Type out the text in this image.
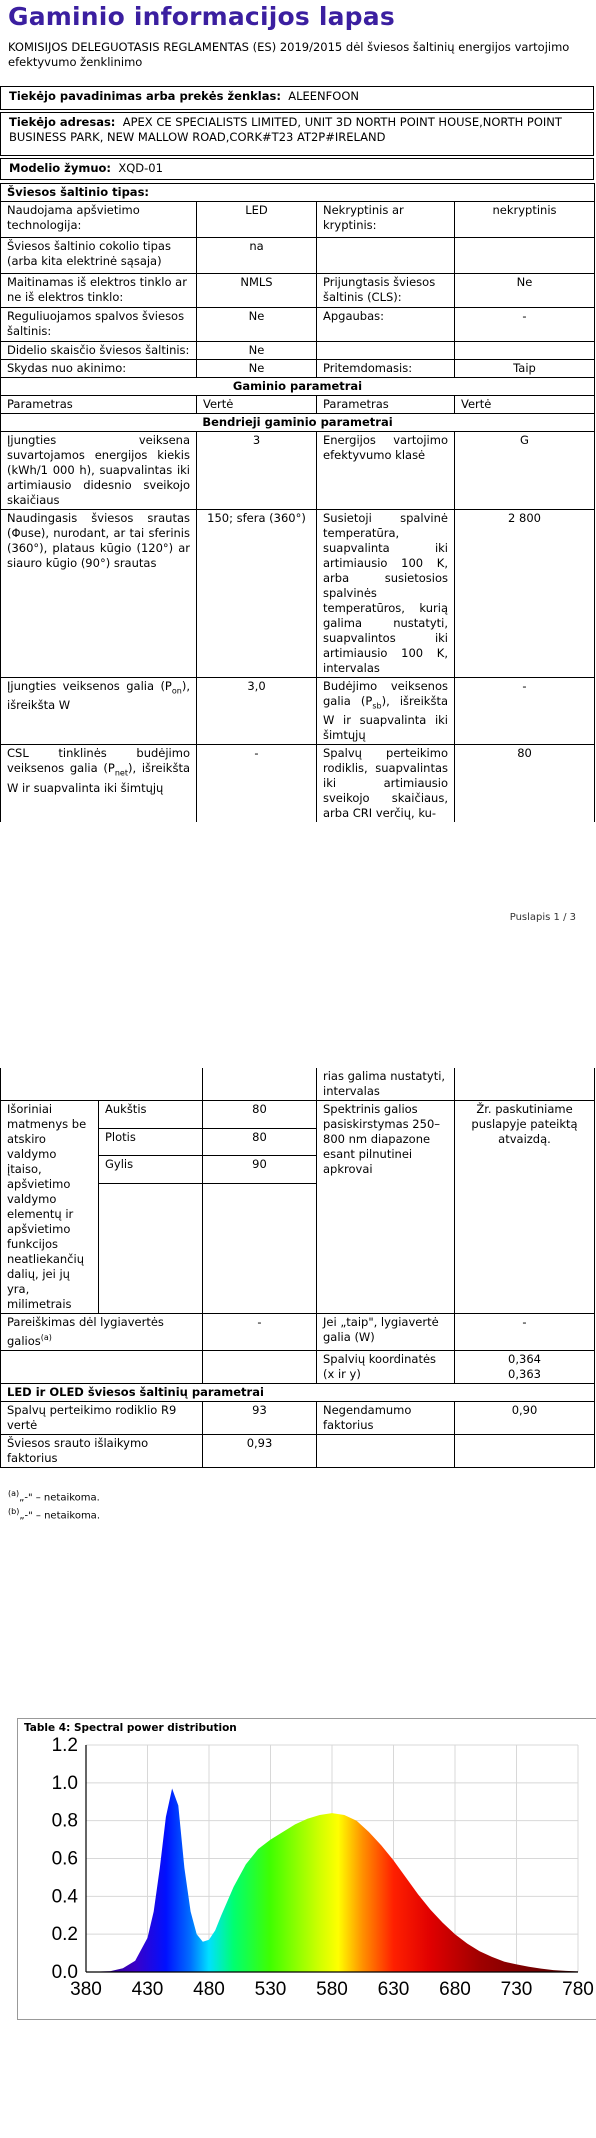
Gaminio informacijos lapas
KOMISIJOS DELEGUOTASIS REGLAMENTAS (ES) 2019/2015 dėl šviesos šaltinių energijos vartojimo efektyvumo ženklinimo
Tiekėjo pavadinimas arba prekės ženklas: ALEENFOON
Tiekėjo adresas: APEX CE SPECIALISTS LIMITED, UNIT 3D NORTH POINT HOUSE,NORTH POINT BUSINESS PARK, NEW MALLOW ROAD,CORK#T23 AT2P#IRELAND
Modelio žymuo: XQD-01
Šviesos šaltinio tipas:			
Naudojama apšvietimo technologija:	LED	Nekryptinis ar kryptinis:	nekryptinis
Šviesos šaltinio cokolio tipas (arba kita elektrinė sąsaja)	na		
Maitinamas iš elektros tinklo ar ne iš elektros tinklo:	NMLS	Prijungtasis šviesos šaltinis (CLS):	Ne
Reguliuojamos spalvos šviesos šaltinis:	Ne	Apgaubas:	-
Didelio skaisčio šviesos šaltinis:	Ne		
Skydas nuo akinimo:	Ne	Pritemdomasis:	Taip
Gaminio parametrai			
Parametras	Vertė	Parametras	Vertė
Bendrieji gaminio parametrai			
Įjungties veiksena suvartojamos energijos kiekis (kWh/1 000 h), suapvalintas iki artimiausio didesnio sveikojo skaičiaus	3	Energijos vartojimo efektyvumo klasė	G
Naudingasis šviesos srautas (Φuse), nurodant, ar tai sferinis (360°), plataus kūgio (120°) ar siauro kūgio (90°) srautas	150; sfera (360°)	Susietoji spalvinė temperatūra, suapvalinta iki artimiausio 100 K, arba susietosios spalvinės temperatūros, kurią galima nustatyti, suapvalintos iki artimiausio 100 K, intervalas	2 800
Įjungties veiksenos galia $(P_{on})$, išreikšta W	3,0	Budėjimo veiksenos galia $(P_{sb})$, išreikšta W ir suapvalinta iki šimtųjų	-
CSL tinklinės budėjimo veiksenos galia $(P_{net})$, išreikšta W ir suapvalinta iki šimtųjų	-	Spalvų perteikimo rodiklis, suapvalintas iki artimiausio sveikojo skaičiaus, arba CRI verčių, ku-	80
Puslapis 1 / 3
			rias galima nustatyti, intervalas	
Išoriniai matmenys be atskiro valdymo įtaiso, apšvietimo valdymo elementų ir apšvietimo funkcijos neatliekančių dalių, jei jų yra, milimetrais	Aukštis	80	Spektrinis galios pasiskirstymas 250–800 nm diapazone esant pilnutinei apkrovai	Žr. paskutiniame puslapyje pateiktą atvaizdą.
	Plotis	80		
	Gylis	90		

Pareiškimas dėl lygiavertės galios$^{(a)}$		-	Jei „taip", lygiavertė galia (W)	-
			Spalvių koordinatės (x ir y)	0,364
0,363

LED ir OLED šviesos šaltinių parametrai				
Spalvų perteikimo rodiklio R9 vertė		93	Negendamumo faktorius	0,90
Šviesos srauto išlaikymo faktorius		0,93		
$^{(a)}$„-" – netaikoma.
$^{(b)}$„-" – netaikoma.
Table 4: Spectral power distribution
0.0
0.2
0.4
0.6
0.8
1.0
1.2
380 430 480 530 580 630 680 730 780
